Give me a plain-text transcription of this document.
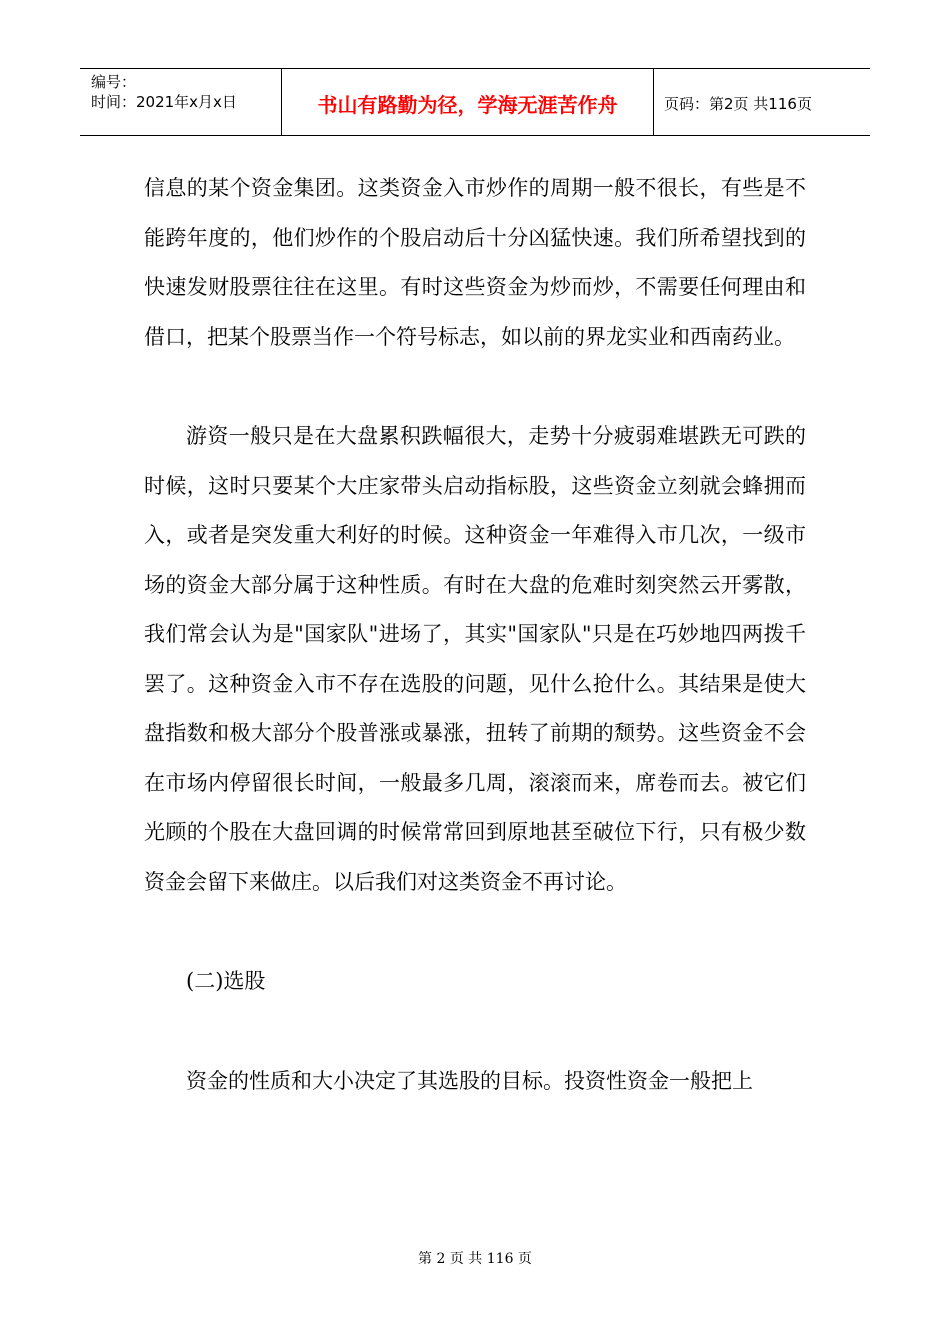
编号：
时间：2021年x月x日	书山有路勤为径，学海无涯苦作舟	页码：第2页 共116页

信息的某个资金集团。这类资金入市炒作的周期一般不很长，有些是不能跨年度的，他们炒作的个股启动后十分凶猛快速。我们所希望找到的快速发财股票往往在这里。有时这些资金为炒而炒，不需要任何理由和借口，把某个股票当作一个符号标志，如以前的界龙实业和西南药业。

游资一般只是在大盘累积跌幅很大，走势十分疲弱难堪跌无可跌的时候，这时只要某个大庄家带头启动指标股，这些资金立刻就会蜂拥而入，或者是突发重大利好的时候。这种资金一年难得入市几次，一级市场的资金大部分属于这种性质。有时在大盘的危难时刻突然云开雾散，我们常会认为是"国家队"进场了，其实"国家队"只是在巧妙地四两拨千罢了。这种资金入市不存在选股的问题，见什么抢什么。其结果是使大盘指数和极大部分个股普涨或暴涨，扭转了前期的颓势。这些资金不会在市场内停留很长时间，一般最多几周，滚滚而来，席卷而去。被它们光顾的个股在大盘回调的时候常常回到原地甚至破位下行，只有极少数资金会留下来做庄。以后我们对这类资金不再讨论。

(二)选股

资金的性质和大小决定了其选股的目标。投资性资金一般把上

第 2 页 共 116 页
